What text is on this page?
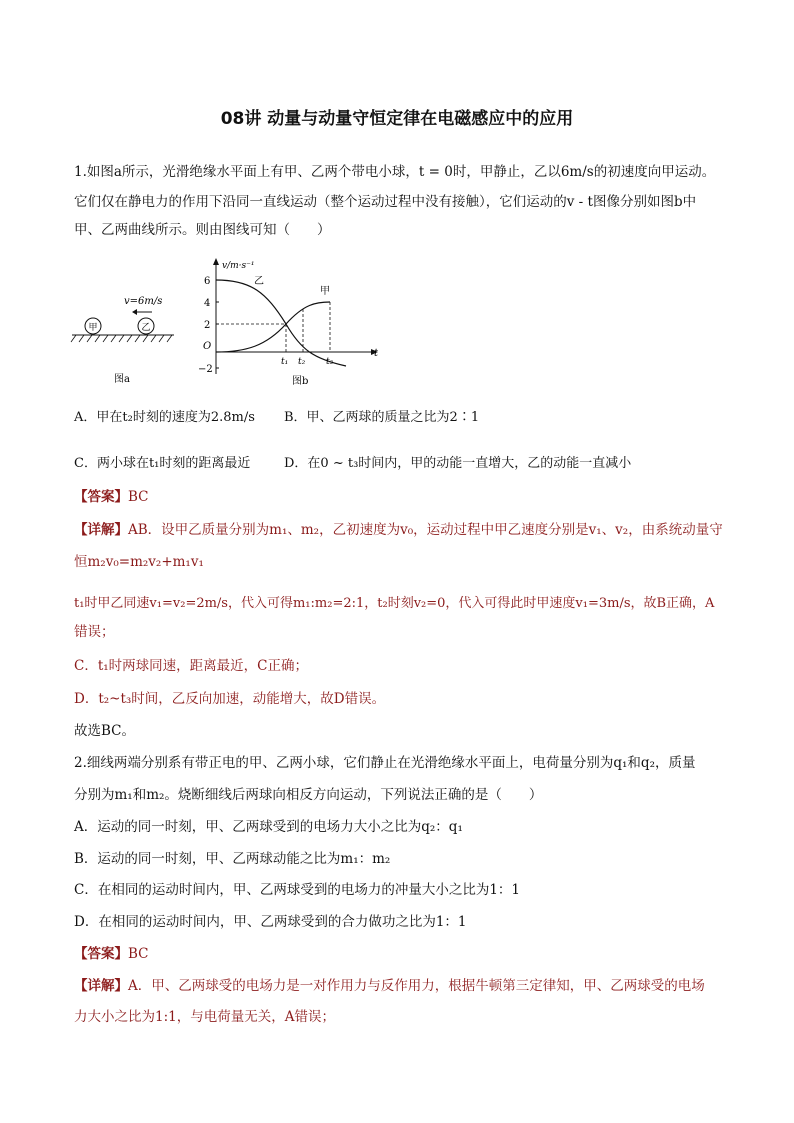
08讲 动量与动量守恒定律在电磁感应中的应用
1.如图a所示，光滑绝缘水平面上有甲、乙两个带电小球，t = 0时，甲静止，乙以6m/s的初速度向甲运动。
它们仅在静电力的作用下沿同一直线运动（整个运动过程中没有接触），它们运动的v - t图像分别如图b中
甲、乙两曲线所示。则由图线可知（　　）
v=6m/s
甲	乙
图a
v/m·s⁻¹
t
O
6
4
2
−2
乙
甲
t₁ t₂ t₃
图b
A．甲在t₂时刻的速度为2.8m/s B．甲、乙两球的质量之比为2∶1
C．两小球在t₁时刻的距离最近	D．在0 ~ t₃时间内，甲的动能一直增大，乙的动能一直减小
【答案】BC
【详解】AB．设甲乙质量分别为m₁、m₂，乙初速度为v₀，运动过程中甲乙速度分别是v₁、v₂，由系统动量守
恒m₂v₀=m₂v₂+m₁v₁
t₁时甲乙同速v₁=v₂=2m/s，代入可得m₁:m₂=2:1，t₂时刻v₂=0，代入可得此时甲速度v₁=3m/s，故B正确，A
错误；
C．t₁时两球同速，距离最近，C正确；
D．t₂~t₃时间，乙反向加速，动能增大，故D错误。
故选BC。
2.细线两端分别系有带正电的甲、乙两小球，它们静止在光滑绝缘水平面上，电荷量分别为q₁和q₂，质量
分别为m₁和m₂。烧断细线后两球向相反方向运动，下列说法正确的是（　　）
A．运动的同一时刻，甲、乙两球受到的电场力大小之比为q₂：q₁
B．运动的同一时刻，甲、乙两球动能之比为m₁：m₂
C．在相同的运动时间内，甲、乙两球受到的电场力的冲量大小之比为1：1
D．在相同的运动时间内，甲、乙两球受到的合力做功之比为1：1
【答案】BC
【详解】A．甲、乙两球受的电场力是一对作用力与反作用力，根据牛顿第三定律知，甲、乙两球受的电场
力大小之比为1:1，与电荷量无关，A错误；
